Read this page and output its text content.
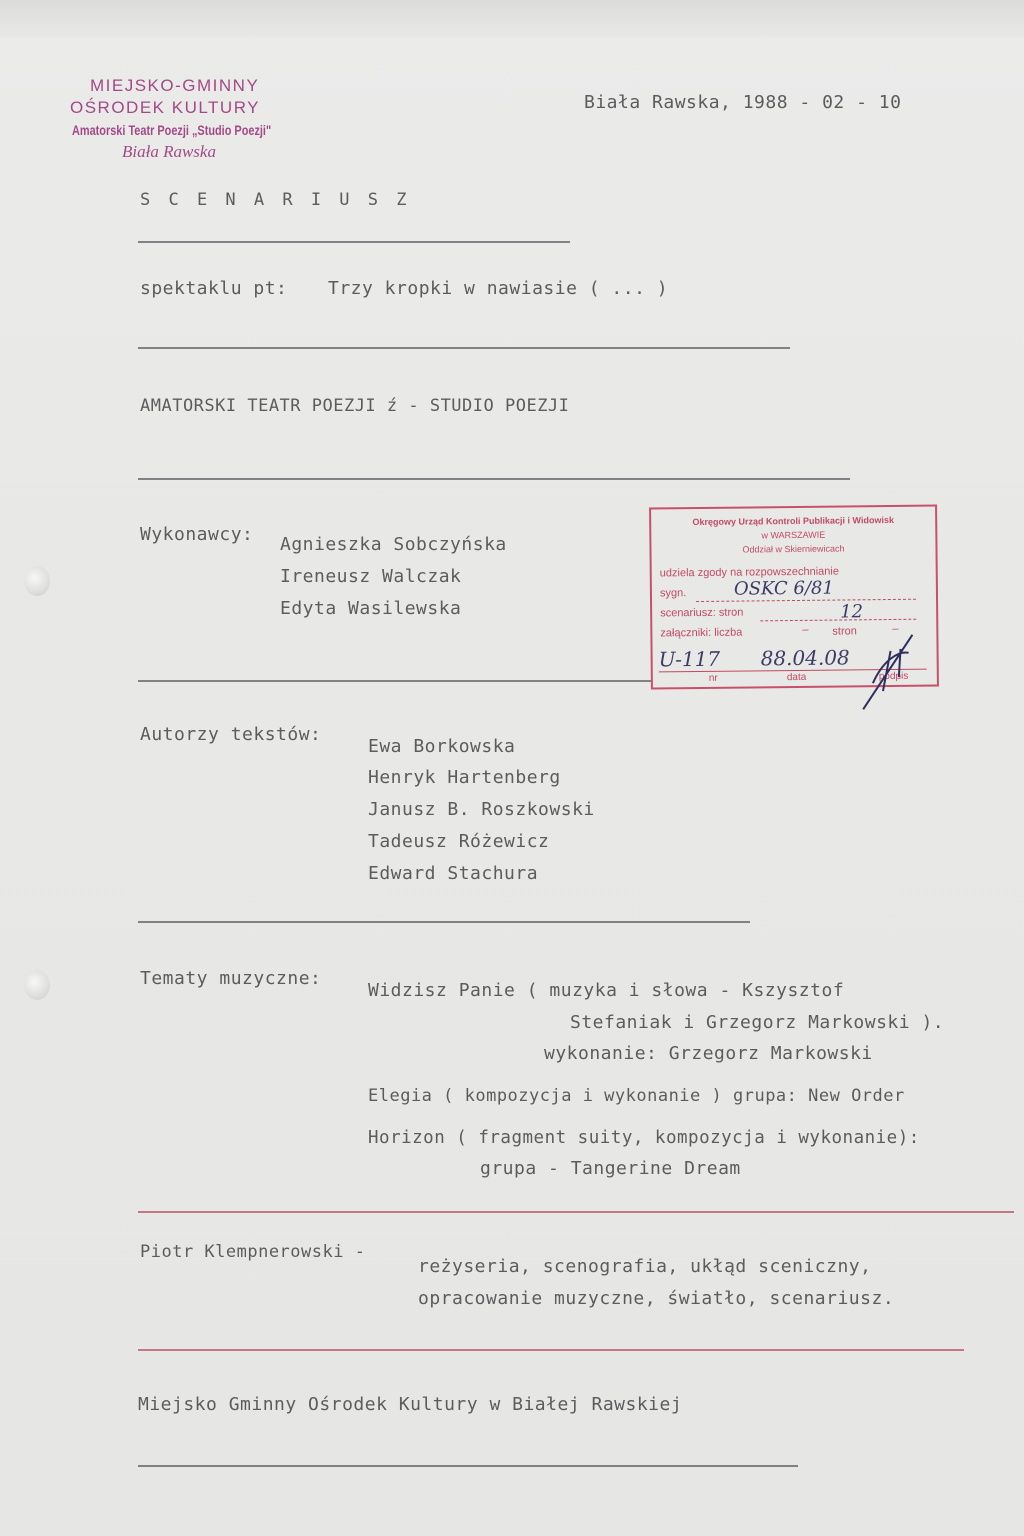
MIEJSKO-GMINNY
OŚRODEK KULTURY
Amatorski Teatr Poezji „Studio Poezji"
Biała Rawska
Biała Rawska, 1988 - 02 - 10
S C E N A R I U S Z
spektaklu pt: Trzy kropki w nawiasie ( ... )
AMATORSKI TEATR POEZJI ź - STUDIO POEZJI
Wykonawcy: Agnieszka Sobczyńska
Ireneusz Walczak
Edyta Wasilewska
Autorzy tekstów:
Ewa Borkowska
Henryk Hartenberg
Janusz B. Roszkowski
Tadeusz Różewicz
Edward Stachura
Tematy muzyczne:
Widzisz Panie ( muzyka i słowa - Kszysztof
Stefaniak i Grzegorz Markowski ).
wykonanie: Grzegorz Markowski
Elegia ( kompozycja i wykonanie ) grupa: New Order
Horizon ( fragment suity, kompozycja i wykonanie):
grupa - Tangerine Dream
Piotr Klempnerowski -
reżyseria, scenografia, ukłąd sceniczny,
opracowanie muzyczne, światło, scenariusz.
Miejsko Gminny Ośrodek Kultury w Białej Rawskiej
Okręgowy Urząd Kontroli Publikacji i Widowisk
w WARSZAWIE
Oddział w Skierniewicach
udziela zgody na rozpowszechnianie
sygn.	OSKC 6/81
scenariusz: stron	12
załączniki: liczba	– stron	–
U-117 88.04.08
nr	data	podpis
